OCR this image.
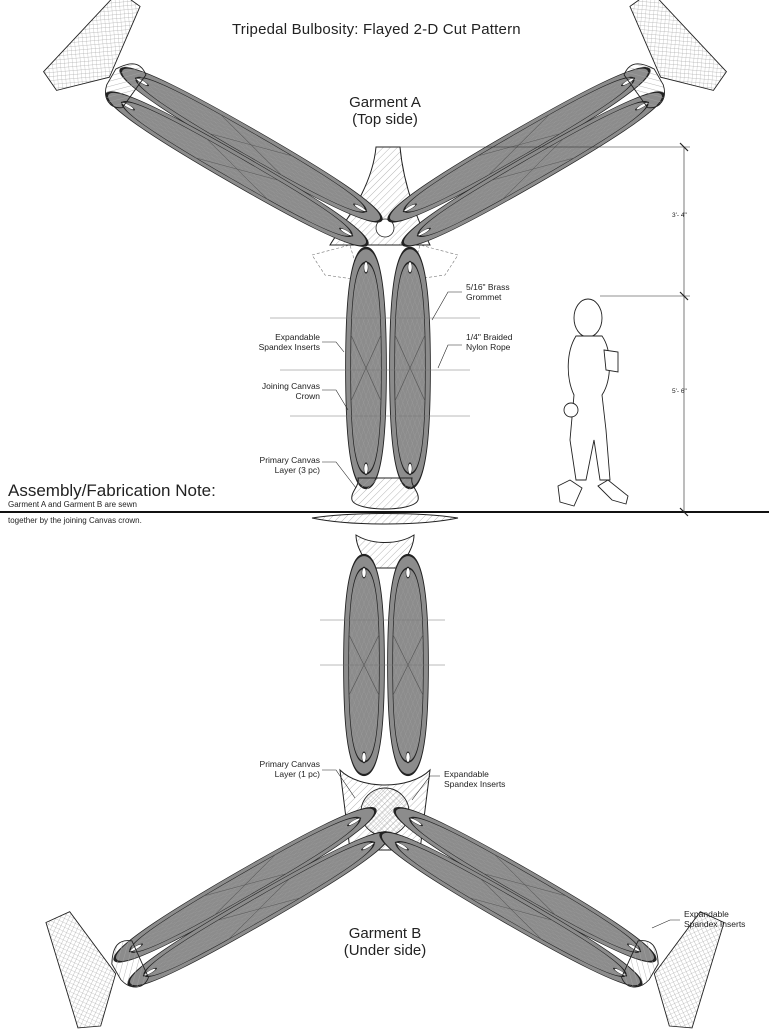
Tripedal Bulbosity: Flayed 2-D Cut Pattern
Garment A
(Top side)
Garment B
(Under side)
Assembly/Fabrication Note:
Garment A and Garment B are sewn
together by the joining Canvas crown.
5/16" Brass
Grommet
1/4" Braided
Nylon Rope
Expandable
Spandex Inserts
Joining Canvas
Crown
Primary Canvas
Layer (3 pc)
Primary Canvas
Layer (1 pc)	Expandable
Spandex Inserts
Expandable
Spandex Inserts
3'- 4"
5'- 6"
